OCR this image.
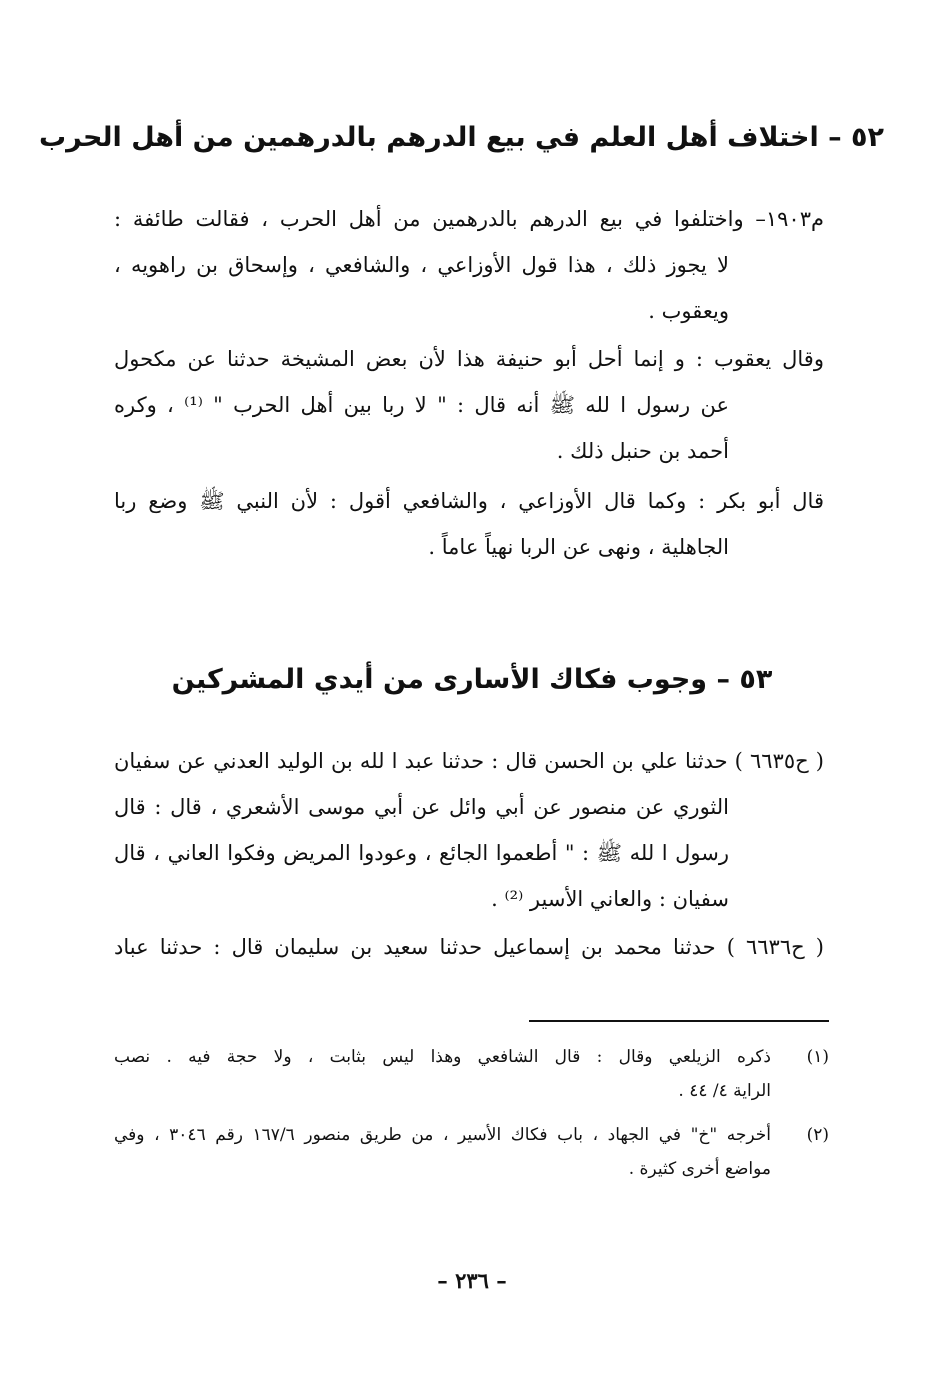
٥٢ – اختلاف أهل العلم في بيع الدرهم بالدرهمين من أهل الحرب
م١٩٠٣– واختلفوا في بيع الدرهم بالدرهمين من أهل الحرب ، فقالت طائفة :
لا يجوز ذلك ، هذا قول الأوزاعي ، والشافعي ، وإسحاق بن راهويه ،
ويعقوب .
وقال يعقوب : و إنما أحل أبو حنيفة هذا لأن بعض المشيخة حدثنا عن مكحول
عن رسول ا لله ﷺ أنه قال : " لا ربا بين أهل الحرب " ⁽¹⁾ ، وكره
أحمد بن حنبل ذلك .
قال أبو بكر : وكما قال الأوزاعي ، والشافعي أقول : لأن النبي ﷺ وضع ربا
الجاهلية ، ونهى عن الربا نهياً عاماً .
٥٣ – وجوب فكاك الأسارى من أيدي المشركين
( ح٦٦٣٥ ) حدثنا علي بن الحسن قال : حدثنا عبد ا لله بن الوليد العدني عن سفيان
الثوري عن منصور عن أبي وائل عن أبي موسى الأشعري ، قال : قال
رسول ا لله ﷺ : " أطعموا الجائع ، وعودوا المريض وفكوا العاني ، قال
سفيان : والعاني الأسير ⁽²⁾ .
( ح٦٦٣٦ ) حدثنا محمد بن إسماعيل حدثنا سعيد بن سليمان قال : حدثنا عباد
(١)
ذكره الزيلعي وقال : قال الشافعي وهذا ليس بثابت ، ولا حجة فيه . نصب
الراية ٤/ ٤٤ .
(٢)
أخرجه "خ" في الجهاد ، باب فكاك الأسير ، من طريق منصور ١٦٧/٦ رقم ٣٠٤٦ ، وفي
مواضع أخرى كثيرة .
– ٢٣٦ –
